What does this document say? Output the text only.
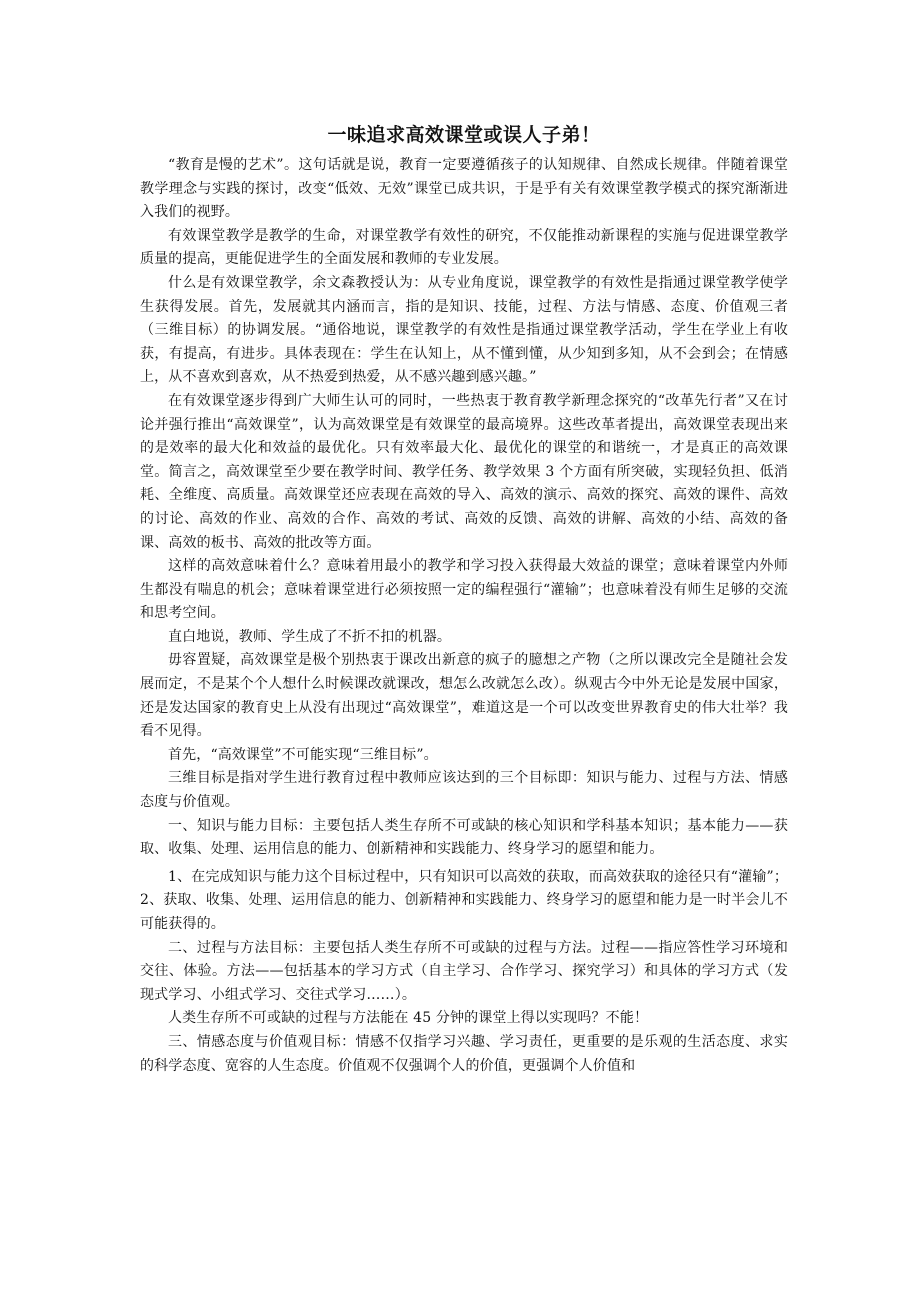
一味追求高效课堂或误人子弟！

“教育是慢的艺术”。这句话就是说，教育一定要遵循孩子的认知规律、自然成长规律。伴随着课堂教学理念与实践的探讨，改变“低效、无效”课堂已成共识，于是乎有关有效课堂教学模式的探究渐渐进入我们的视野。

有效课堂教学是教学的生命，对课堂教学有效性的研究，不仅能推动新课程的实施与促进课堂教学质量的提高，更能促进学生的全面发展和教师的专业发展。

什么是有效课堂教学，余文森教授认为：从专业角度说，课堂教学的有效性是指通过课堂教学使学生获得发展。首先，发展就其内涵而言，指的是知识、技能，过程、方法与情感、态度、价值观三者（三维目标）的协调发展。“通俗地说，课堂教学的有效性是指通过课堂教学活动，学生在学业上有收获，有提高，有进步。具体表现在：学生在认知上，从不懂到懂，从少知到多知，从不会到会；在情感上，从不喜欢到喜欢，从不热爱到热爱，从不感兴趣到感兴趣。”

在有效课堂逐步得到广大师生认可的同时，一些热衷于教育教学新理念探究的“改革先行者”又在讨论并强行推出“高效课堂”，认为高效课堂是有效课堂的最高境界。这些改革者提出，高效课堂表现出来的是效率的最大化和效益的最优化。只有效率最大化、最优化的课堂的和谐统一，才是真正的高效课堂。简言之，高效课堂至少要在教学时间、教学任务、教学效果 3 个方面有所突破，实现轻负担、低消耗、全维度、高质量。高效课堂还应表现在高效的导入、高效的演示、高效的探究、高效的课件、高效的讨论、高效的作业、高效的合作、高效的考试、高效的反馈、高效的讲解、高效的小结、高效的备课、高效的板书、高效的批改等方面。

这样的高效意味着什么？意味着用最小的教学和学习投入获得最大效益的课堂；意味着课堂内外师生都没有喘息的机会；意味着课堂进行必须按照一定的编程强行“灌输”；也意味着没有师生足够的交流和思考空间。

直白地说，教师、学生成了不折不扣的机器。

毋容置疑，高效课堂是极个别热衷于课改出新意的疯子的臆想之产物（之所以课改完全是随社会发展而定，不是某个个人想什么时候课改就课改，想怎么改就怎么改）。纵观古今中外无论是发展中国家，还是发达国家的教育史上从没有出现过“高效课堂”，难道这是一个可以改变世界教育史的伟大壮举？我看不见得。

首先，“高效课堂”不可能实现“三维目标”。

三维目标是指对学生进行教育过程中教师应该达到的三个目标即：知识与能力、过程与方法、情感态度与价值观。

一、知识与能力目标：主要包括人类生存所不可或缺的核心知识和学科基本知识；基本能力——获取、收集、处理、运用信息的能力、创新精神和实践能力、终身学习的愿望和能力。

1、在完成知识与能力这个目标过程中，只有知识可以高效的获取，而高效获取的途径只有“灌输”；2、获取、收集、处理、运用信息的能力、创新精神和实践能力、终身学习的愿望和能力是一时半会儿不可能获得的。

二、过程与方法目标：主要包括人类生存所不可或缺的过程与方法。过程——指应答性学习环境和交往、体验。方法——包括基本的学习方式（自主学习、合作学习、探究学习）和具体的学习方式（发现式学习、小组式学习、交往式学习……）。

人类生存所不可或缺的过程与方法能在 45 分钟的课堂上得以实现吗？不能！

三、情感态度与价值观目标：情感不仅指学习兴趣、学习责任，更重要的是乐观的生活态度、求实的科学态度、宽容的人生态度。价值观不仅强调个人的价值，更强调个人价值和
